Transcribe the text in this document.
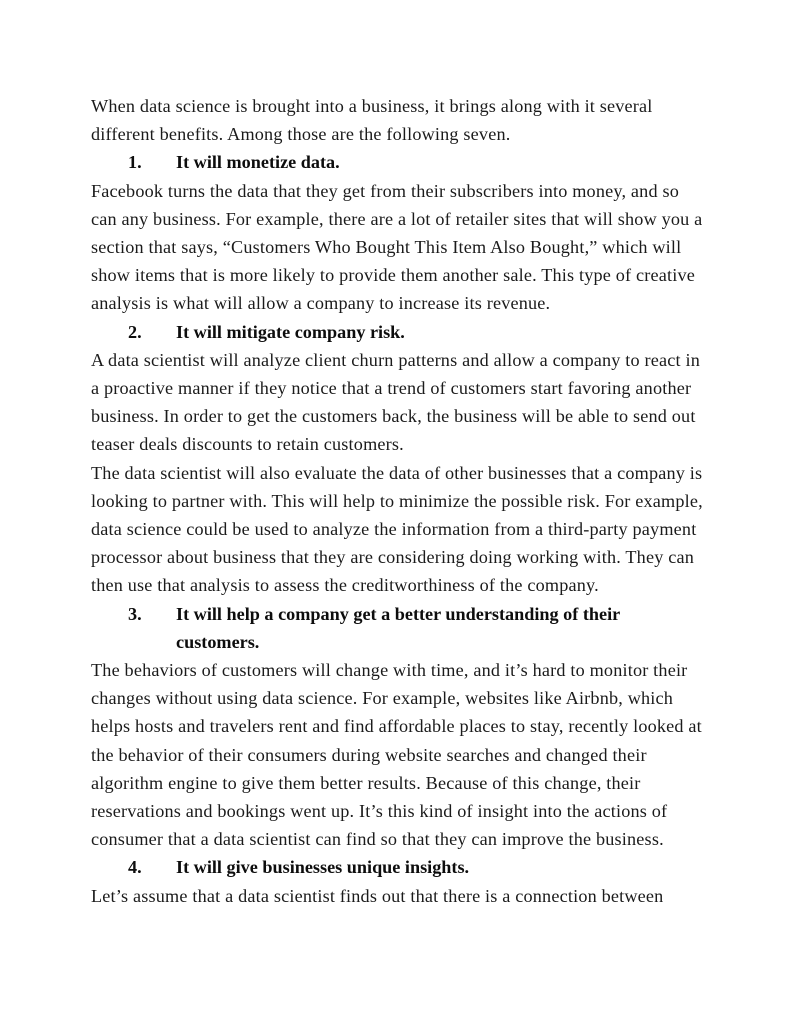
When data science is brought into a business, it brings along with it several different benefits. Among those are the following seven.

1. It will monetize data.

Facebook turns the data that they get from their subscribers into money, and so can any business. For example, there are a lot of retailer sites that will show you a section that says, “Customers Who Bought This Item Also Bought,” which will show items that is more likely to provide them another sale. This type of creative analysis is what will allow a company to increase its revenue.

2. It will mitigate company risk.

A data scientist will analyze client churn patterns and allow a company to react in a proactive manner if they notice that a trend of customers start favoring another business. In order to get the customers back, the business will be able to send out teaser deals discounts to retain customers.

The data scientist will also evaluate the data of other businesses that a company is looking to partner with. This will help to minimize the possible risk. For example, data science could be used to analyze the information from a third-party payment processor about business that they are considering doing working with. They can then use that analysis to assess the creditworthiness of the company.

3. It will help a company get a better understanding of their customers.

The behaviors of customers will change with time, and it’s hard to monitor their changes without using data science. For example, websites like Airbnb, which helps hosts and travelers rent and find affordable places to stay, recently looked at the behavior of their consumers during website searches and changed their algorithm engine to give them better results. Because of this change, their reservations and bookings went up. It’s this kind of insight into the actions of consumer that a data scientist can find so that they can improve the business.

4. It will give businesses unique insights.

Let’s assume that a data scientist finds out that there is a connection between
